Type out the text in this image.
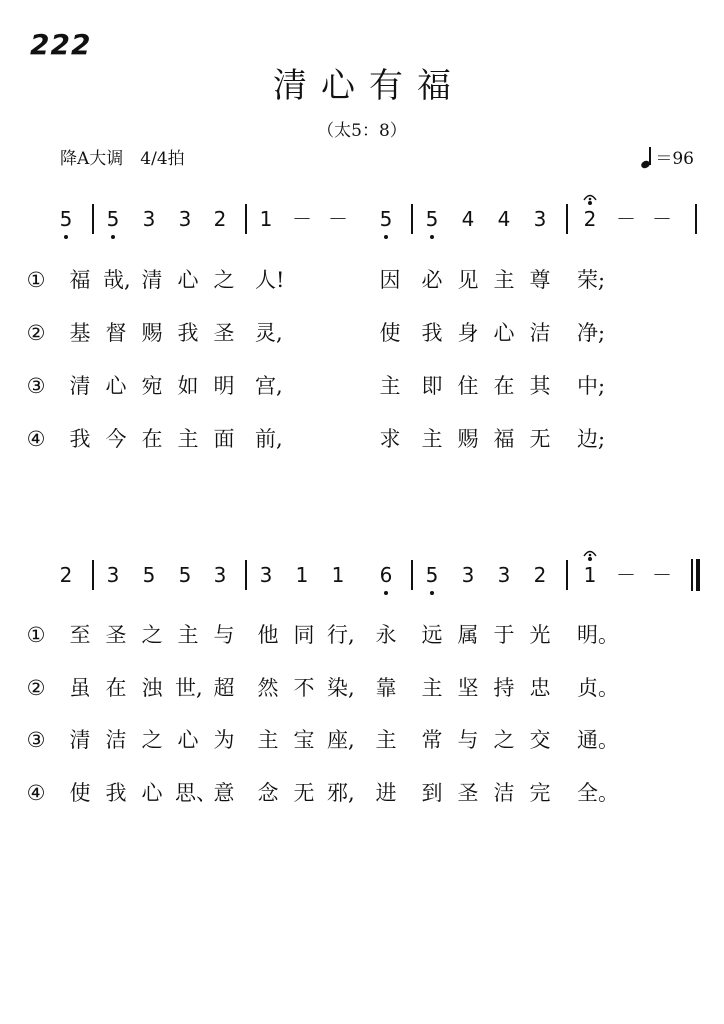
222
清心有福
（太5：8）
降A大调　4/4拍	＝96
5	5	3	3	2	1 － －	5	5	4	4	3	2 － －
① 福 哉, 清 心 之 人!	因 必 见 主 尊 荣;
② 基 督 赐 我 圣 灵,	使 我 身 心 洁 净;
③ 清 心 宛 如 明 宫,	主 即 住 在 其 中;
④ 我 今 在 主 面 前,	求 主 赐 福 无 边;
2	3	5	5	3	3	1	1	6	5	3	3	2	1 － －
① 至 圣 之 主 与 他 同 行, 永 远 属 于 光 明。
② 虽 在 浊 世, 超 然 不 染, 靠 主 坚 持 忠 贞。
③ 清 洁 之 心 为 主 宝 座, 主 常 与 之 交 通。
④ 使 我 心 思、
意 念 无 邪, 进 到 圣 洁 完 全。
